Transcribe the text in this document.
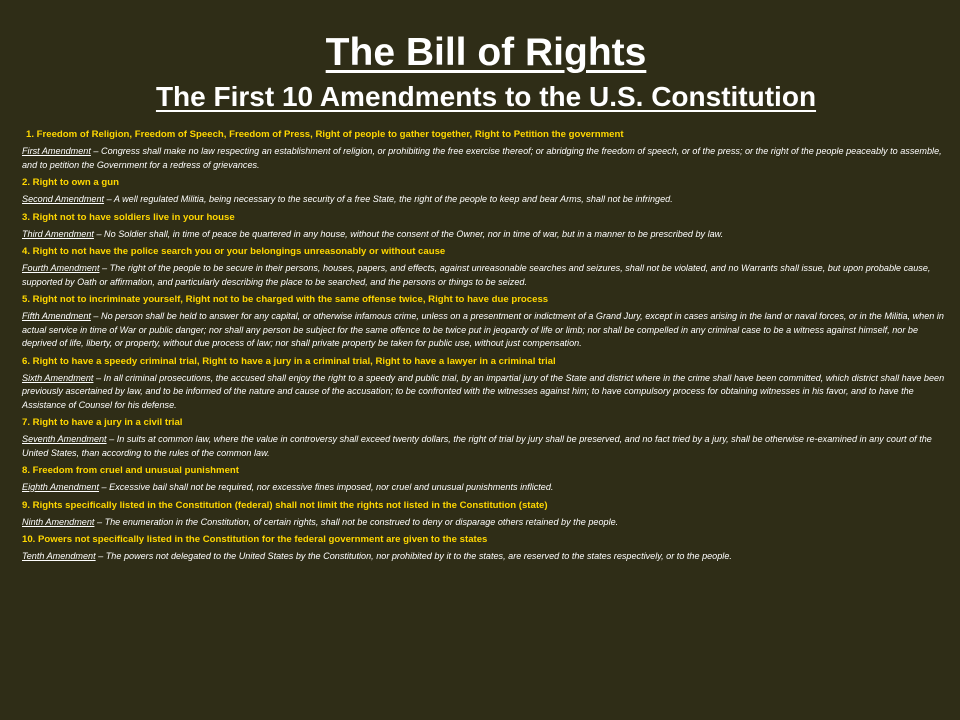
The Bill of Rights
The First 10 Amendments to the U.S. Constitution
1. Freedom of Religion, Freedom of Speech, Freedom of Press, Right of people to gather together, Right to Petition the government
First Amendment – Congress shall make no law respecting an establishment of religion, or prohibiting the free exercise thereof; or abridging the freedom of speech, or of the press; or the right of the people peaceably to assemble, and to petition the Government for a redress of grievances.
2. Right to own a gun
Second Amendment – A well regulated Militia, being necessary to the security of a free State, the right of the people to keep and bear Arms, shall not be infringed.
3. Right not to have soldiers live in your house
Third Amendment – No Soldier shall, in time of peace be quartered in any house, without the consent of the Owner, nor in time of war, but in a manner to be prescribed by law.
4. Right to not have the police search you or your belongings unreasonably or without cause
Fourth Amendment – The right of the people to be secure in their persons, houses, papers, and effects, against unreasonable searches and seizures, shall not be violated, and no Warrants shall issue, but upon probable cause, supported by Oath or affirmation, and particularly describing the place to be searched, and the persons or things to be seized.
5. Right not to incriminate yourself, Right not to be charged with the same offense twice, Right to have due process
Fifth Amendment – No person shall be held to answer for any capital, or otherwise infamous crime, unless on a presentment or indictment of a Grand Jury, except in cases arising in the land or naval forces, or in the Militia, when in actual service in time of War or public danger; nor shall any person be subject for the same offence to be twice put in jeopardy of life or limb; nor shall be compelled in any criminal case to be a witness against himself, nor be deprived of life, liberty, or property, without due process of law; nor shall private property be taken for public use, without just compensation.
6. Right to have a speedy criminal trial, Right to have a jury in a criminal trial, Right to have a lawyer in a criminal trial
Sixth Amendment – In all criminal prosecutions, the accused shall enjoy the right to a speedy and public trial, by an impartial jury of the State and district where in the crime shall have been committed, which district shall have been previously ascertained by law, and to be informed of the nature and cause of the accusation; to be confronted with the witnesses against him; to have compulsory process for obtaining witnesses in his favor, and to have the Assistance of Counsel for his defense.
7. Right to have a jury in a civil trial
Seventh Amendment – In suits at common law, where the value in controversy shall exceed twenty dollars, the right of trial by jury shall be preserved, and no fact tried by a jury, shall be otherwise re-examined in any court of the United States, than according to the rules of the common law.
8. Freedom from cruel and unusual punishment
Eighth Amendment – Excessive bail shall not be required, nor excessive fines imposed, nor cruel and unusual punishments inflicted.
9. Rights specifically listed in the Constitution (federal) shall not limit the rights not listed in the Constitution (state)
Ninth Amendment – The enumeration in the Constitution, of certain rights, shall not be construed to deny or disparage others retained by the people.
10. Powers not specifically listed in the Constitution for the federal government are given to the states
Tenth Amendment – The powers not delegated to the United States by the Constitution, nor prohibited by it to the states, are reserved to the states respectively, or to the people.
